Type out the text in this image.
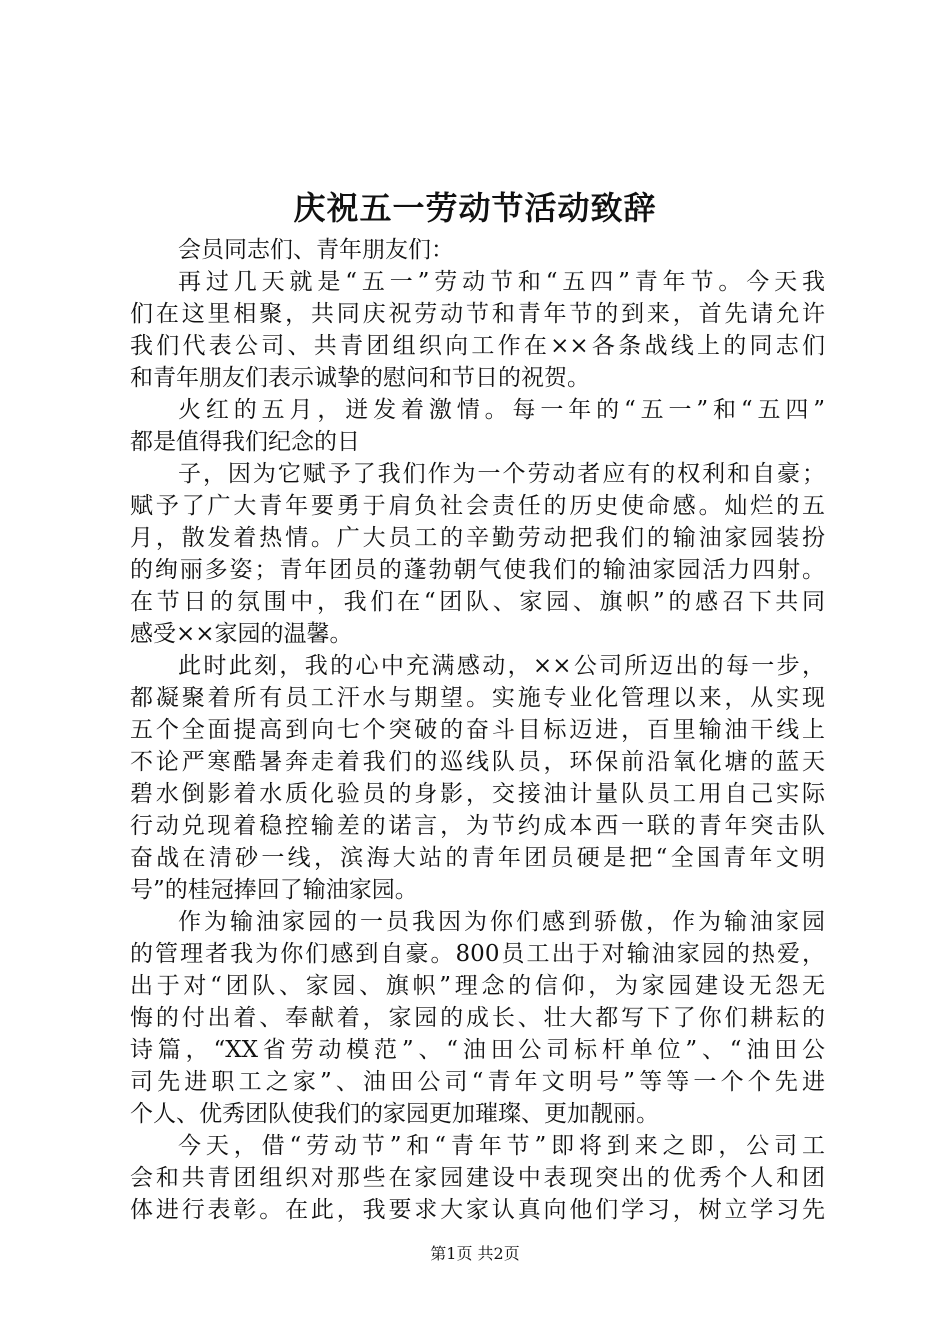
庆祝五一劳动节活动致辞
会员同志们、青年朋友们：
再过几天就是“五一”劳动节和“五四”青年节。今天我
们在这里相聚，共同庆祝劳动节和青年节的到来，首先请允许
我们代表公司、共青团组织向工作在××各条战线上的同志们
和青年朋友们表示诚挚的慰问和节日的祝贺。
火红的五月，迸发着激情。每一年的“五一”和“五四”
都是值得我们纪念的日
子，因为它赋予了我们作为一个劳动者应有的权利和自豪；
赋予了广大青年要勇于肩负社会责任的历史使命感。灿烂的五
月，散发着热情。广大员工的辛勤劳动把我们的输油家园装扮
的绚丽多姿；青年团员的蓬勃朝气使我们的输油家园活力四射。
在节日的氛围中，我们在“团队、家园、旗帜”的感召下共同
感受××家园的温馨。
此时此刻，我的心中充满感动，××公司所迈出的每一步，
都凝聚着所有员工汗水与期望。实施专业化管理以来，从实现
五个全面提高到向七个突破的奋斗目标迈进，百里输油干线上
不论严寒酷暑奔走着我们的巡线队员，环保前沿氧化塘的蓝天
碧水倒影着水质化验员的身影，交接油计量队员工用自己实际
行动兑现着稳控输差的诺言，为节约成本西一联的青年突击队
奋战在清砂一线，滨海大站的青年团员硬是把“全国青年文明
号”的桂冠捧回了输油家园。
作为输油家园的一员我因为你们感到骄傲，作为输油家园
的管理者我为你们感到自豪。800员工出于对输油家园的热爱，
出于对“团队、家园、旗帜”理念的信仰，为家园建设无怨无
悔的付出着、奉献着，家园的成长、壮大都写下了你们耕耘的
诗篇，“XX省劳动模范”、“油田公司标杆单位”、“油田公
司先进职工之家”、油田公司“青年文明号”等等一个个先进
个人、优秀团队使我们的家园更加璀璨、更加靓丽。
今天，借“劳动节”和“青年节”即将到来之即，公司工
会和共青团组织对那些在家园建设中表现突出的优秀个人和团
体进行表彰。在此，我要求大家认真向他们学习，树立学习先
第1页 共2页
